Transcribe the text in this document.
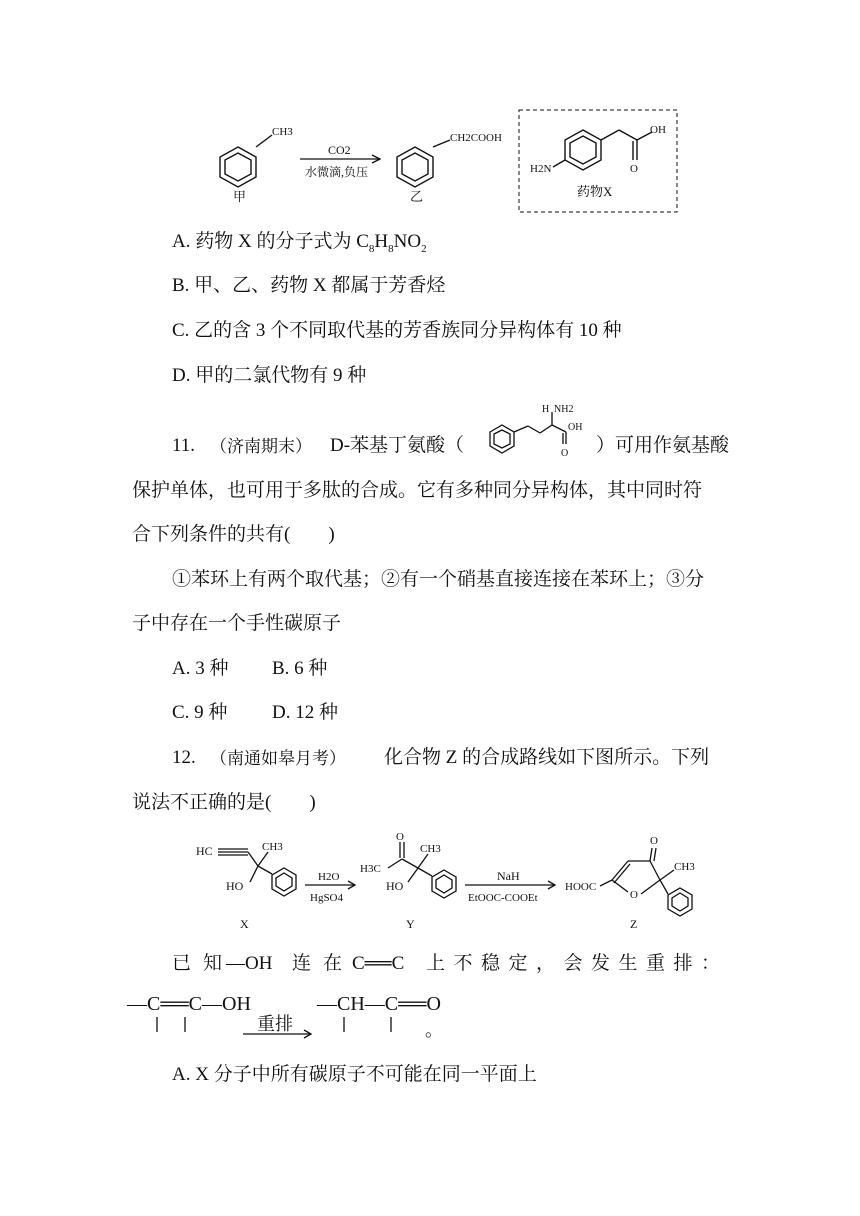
CH3
甲
CO2
水微滴,负压
CH2COOH
乙
H2N
OH
O
药物X
A. 药物 X 的分子式为 $C_8H_8NO_2$
B. 甲、乙、药物 X 都属于芳香烃
C. 乙的含 3 个不同取代基的芳香族同分异构体有 10 种
D. 甲的二氯代物有 9 种
11. （济南期末） D-苯基丁氨酸（
H NH2
OH
O ）可用作氨基酸
保护单体，也可用于多肽的合成。它有多种同分异构体，其中同时符
合下列条件的共有(　　)
①苯环上有两个取代基；②有一个硝基直接连接在苯环上；③分
子中存在一个手性碳原子
A. 3 种 B. 6 种
C. 9 种 D. 12 种
12. （南通如皋月考） 化合物 Z 的合成路线如下图所示。下列
说法不正确的是(　　)
HC	CH3
HO
X
H2O
HgSO4
O
H3C
CH3
HO
Y
NaH
EtOOC-COOEt
HOOC
O
CH3
O
Z
已知
—OH 连在
C══C 上不稳定，会发生重排：
—C══C—OH
重排
—CH—C══O
。
A. X 分子中所有碳原子不可能在同一平面上
